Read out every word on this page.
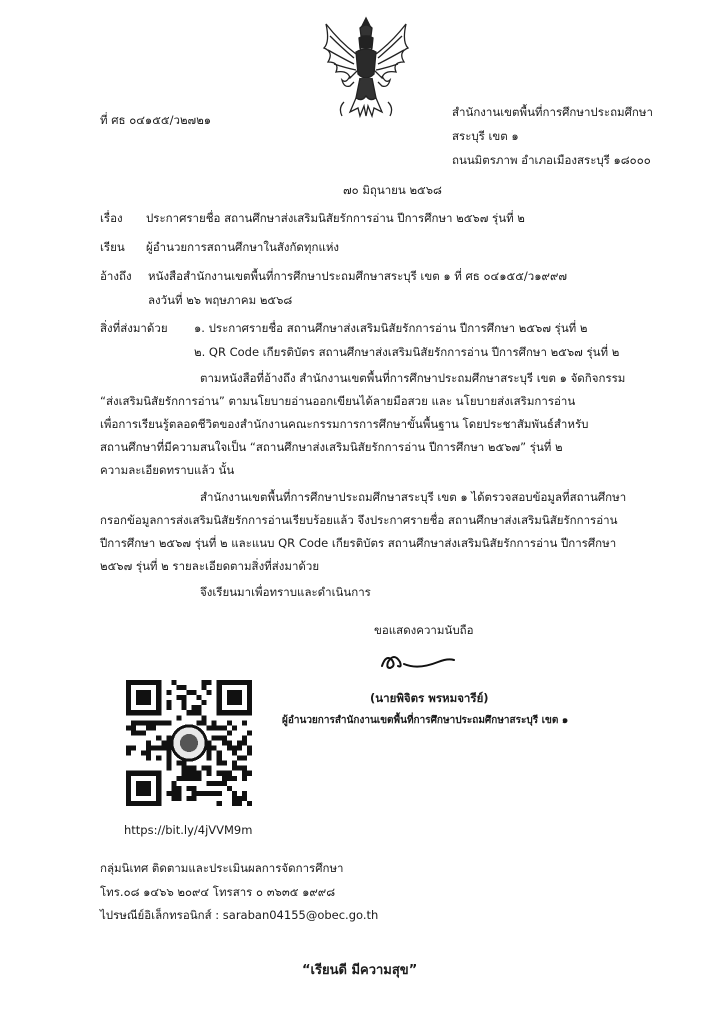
ที่ ศธ ๐๔๑๕๕/ว๒๗๒๑
สำนักงานเขตพื้นที่การศึกษาประถมศึกษา
สระบุรี เขต ๑
ถนนมิตรภาพ อำเภอเมืองสระบุรี ๑๘๐๐๐
๗๐ มิถุนายน ๒๕๖๘
เรื่อง ประกาศรายชื่อ สถานศึกษาส่งเสริมนิสัยรักการอ่าน ปีการศึกษา ๒๕๖๗ รุ่นที่ ๒
เรียน ผู้อำนวยการสถานศึกษาในสังกัดทุกแห่ง
อ้างถึง หนังสือสำนักงานเขตพื้นที่การศึกษาประถมศึกษาสระบุรี เขต ๑ ที่ ศธ ๐๔๑๕๕/ว๑๙๙๗
ลงวันที่ ๒๖ พฤษภาคม ๒๕๖๘
สิ่งที่ส่งมาด้วย ๑. ประกาศรายชื่อ สถานศึกษาส่งเสริมนิสัยรักการอ่าน ปีการศึกษา ๒๕๖๗ รุ่นที่ ๒
๒. QR Code เกียรติบัตร สถานศึกษาส่งเสริมนิสัยรักการอ่าน ปีการศึกษา ๒๕๖๗ รุ่นที่ ๒
ตามหนังสือที่อ้างถึง สำนักงานเขตพื้นที่การศึกษาประถมศึกษาสระบุรี เขต ๑ จัดกิจกรรม
“ส่งเสริมนิสัยรักการอ่าน” ตามนโยบายอ่านออกเขียนได้ลายมือสวย และ นโยบายส่งเสริมการอ่าน
เพื่อการเรียนรู้ตลอดชีวิตของสำนักงานคณะกรรมการการศึกษาขั้นพื้นฐาน โดยประชาสัมพันธ์สำหรับ
สถานศึกษาที่มีความสนใจเป็น “สถานศึกษาส่งเสริมนิสัยรักการอ่าน ปีการศึกษา ๒๕๖๗” รุ่นที่ ๒
ความละเอียดทราบแล้ว นั้น
สำนักงานเขตพื้นที่การศึกษาประถมศึกษาสระบุรี เขต ๑ ได้ตรวจสอบข้อมูลที่สถานศึกษา
กรอกข้อมูลการส่งเสริมนิสัยรักการอ่านเรียบร้อยแล้ว จึงประกาศรายชื่อ สถานศึกษาส่งเสริมนิสัยรักการอ่าน
ปีการศึกษา ๒๕๖๗ รุ่นที่ ๒ และแนบ QR Code เกียรติบัตร สถานศึกษาส่งเสริมนิสัยรักการอ่าน ปีการศึกษา
๒๕๖๗ รุ่นที่ ๒ รายละเอียดตามสิ่งที่ส่งมาด้วย
จึงเรียนมาเพื่อทราบและดำเนินการ
ขอแสดงความนับถือ
(นายพิจิตร พรหมจารีย์)
ผู้อำนวยการสำนักงานเขตพื้นที่การศึกษาประถมศึกษาสระบุรี เขต ๑
https://bit.ly/4jVVM9m
กลุ่มนิเทศ ติดตามและประเมินผลการจัดการศึกษา
โทร.๐๘ ๑๔๖๖ ๒๐๙๔ โทรสาร ๐ ๓๖๓๕ ๑๙๙๘
ไปรษณีย์อิเล็กทรอนิกส์ : saraban04155@obec.go.th
“เรียนดี มีความสุข”
